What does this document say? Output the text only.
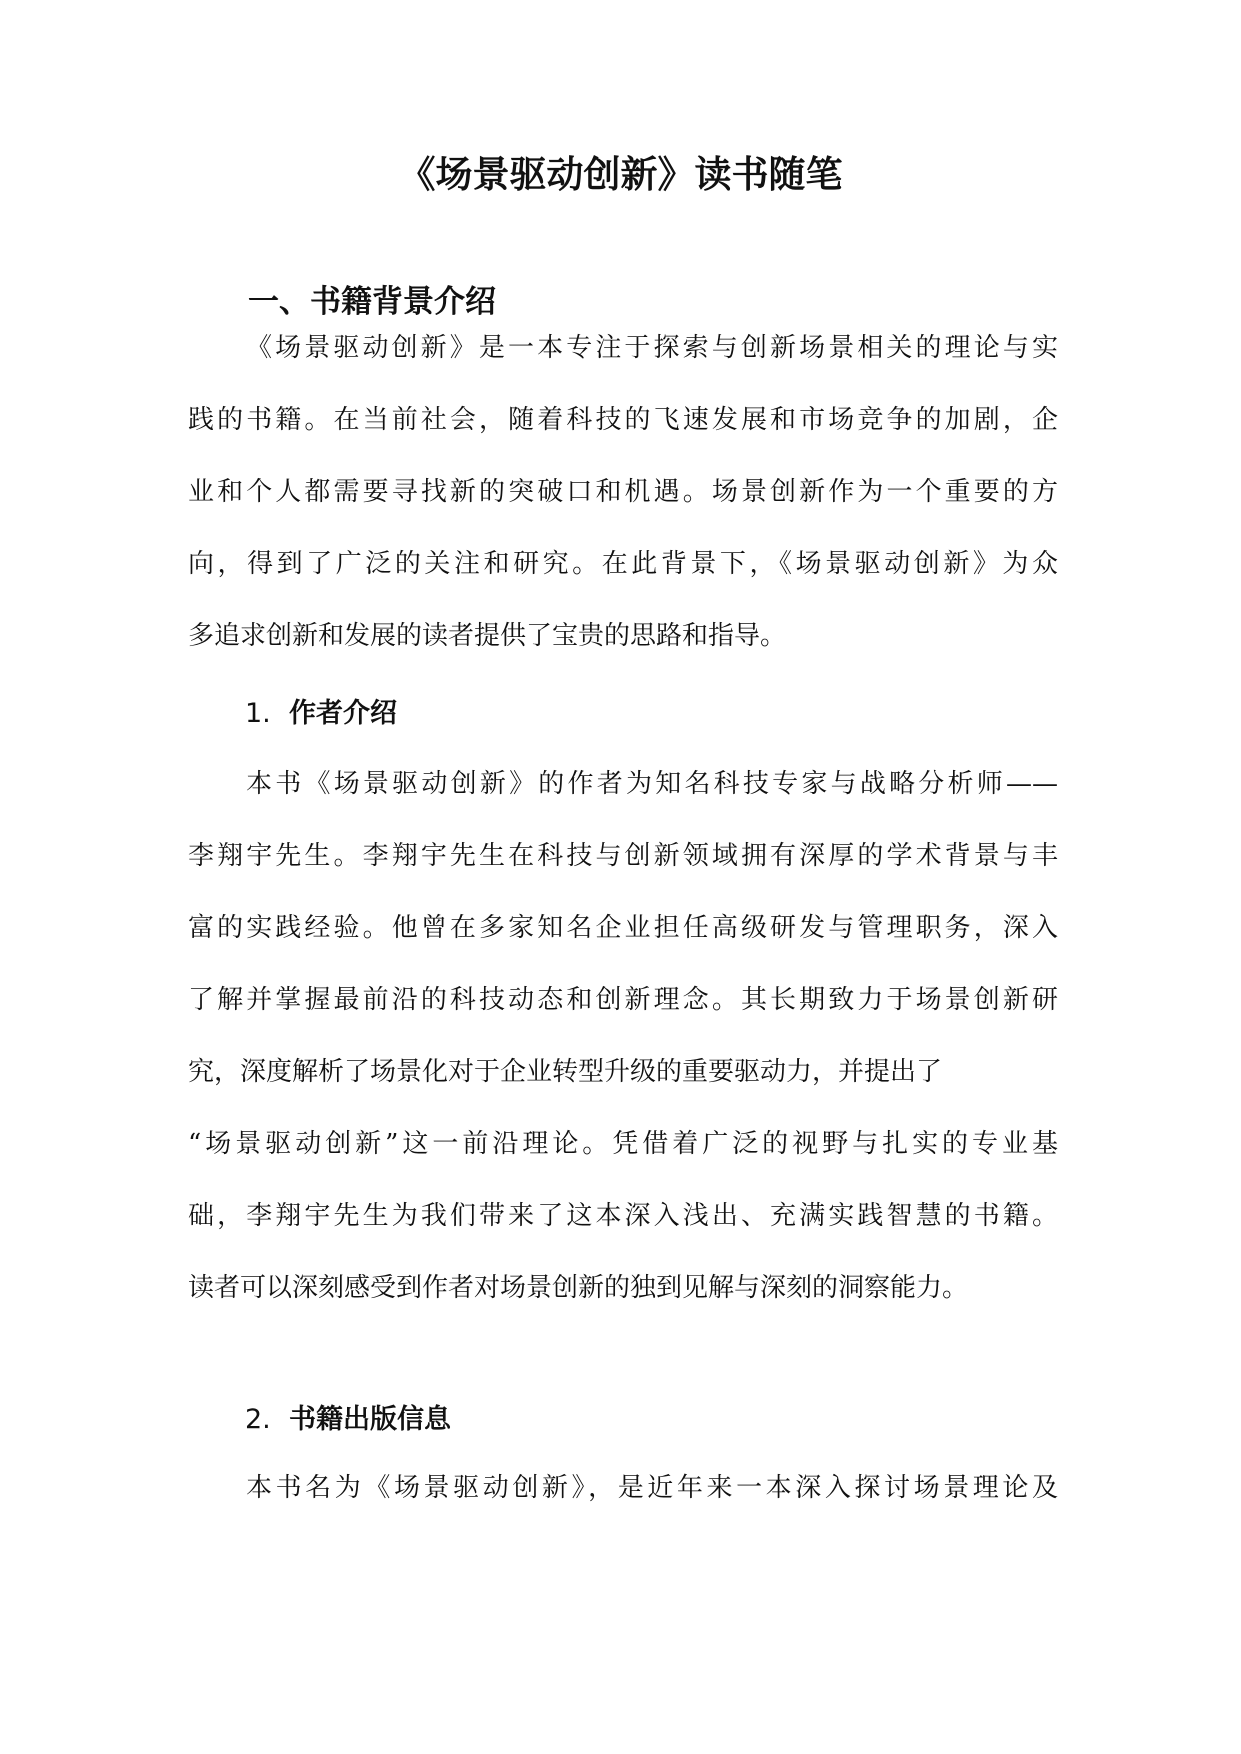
《场景驱动创新》读书随笔
一、书籍背景介绍
《场景驱动创新》是一本专注于探索与创新场景相关的理论与实
践的书籍。在当前社会，随着科技的飞速发展和市场竞争的加剧，企
业和个人都需要寻找新的突破口和机遇。场景创新作为一个重要的方
向，得到了广泛的关注和研究。在此背景下，《场景驱动创新》为众
多追求创新和发展的读者提供了宝贵的思路和指导。
1. 作者介绍
本书《场景驱动创新》的作者为知名科技专家与战略分析师——
李翔宇先生。李翔宇先生在科技与创新领域拥有深厚的学术背景与丰
富的实践经验。他曾在多家知名企业担任高级研发与管理职务，深入
了解并掌握最前沿的科技动态和创新理念。其长期致力于场景创新研
究，深度解析了场景化对于企业转型升级的重要驱动力，并提出了
“场景驱动创新”这一前沿理论。凭借着广泛的视野与扎实的专业基
础，李翔宇先生为我们带来了这本深入浅出、充满实践智慧的书籍。
读者可以深刻感受到作者对场景创新的独到见解与深刻的洞察能力。
2. 书籍出版信息
本书名为《场景驱动创新》，是近年来一本深入探讨场景理论及
